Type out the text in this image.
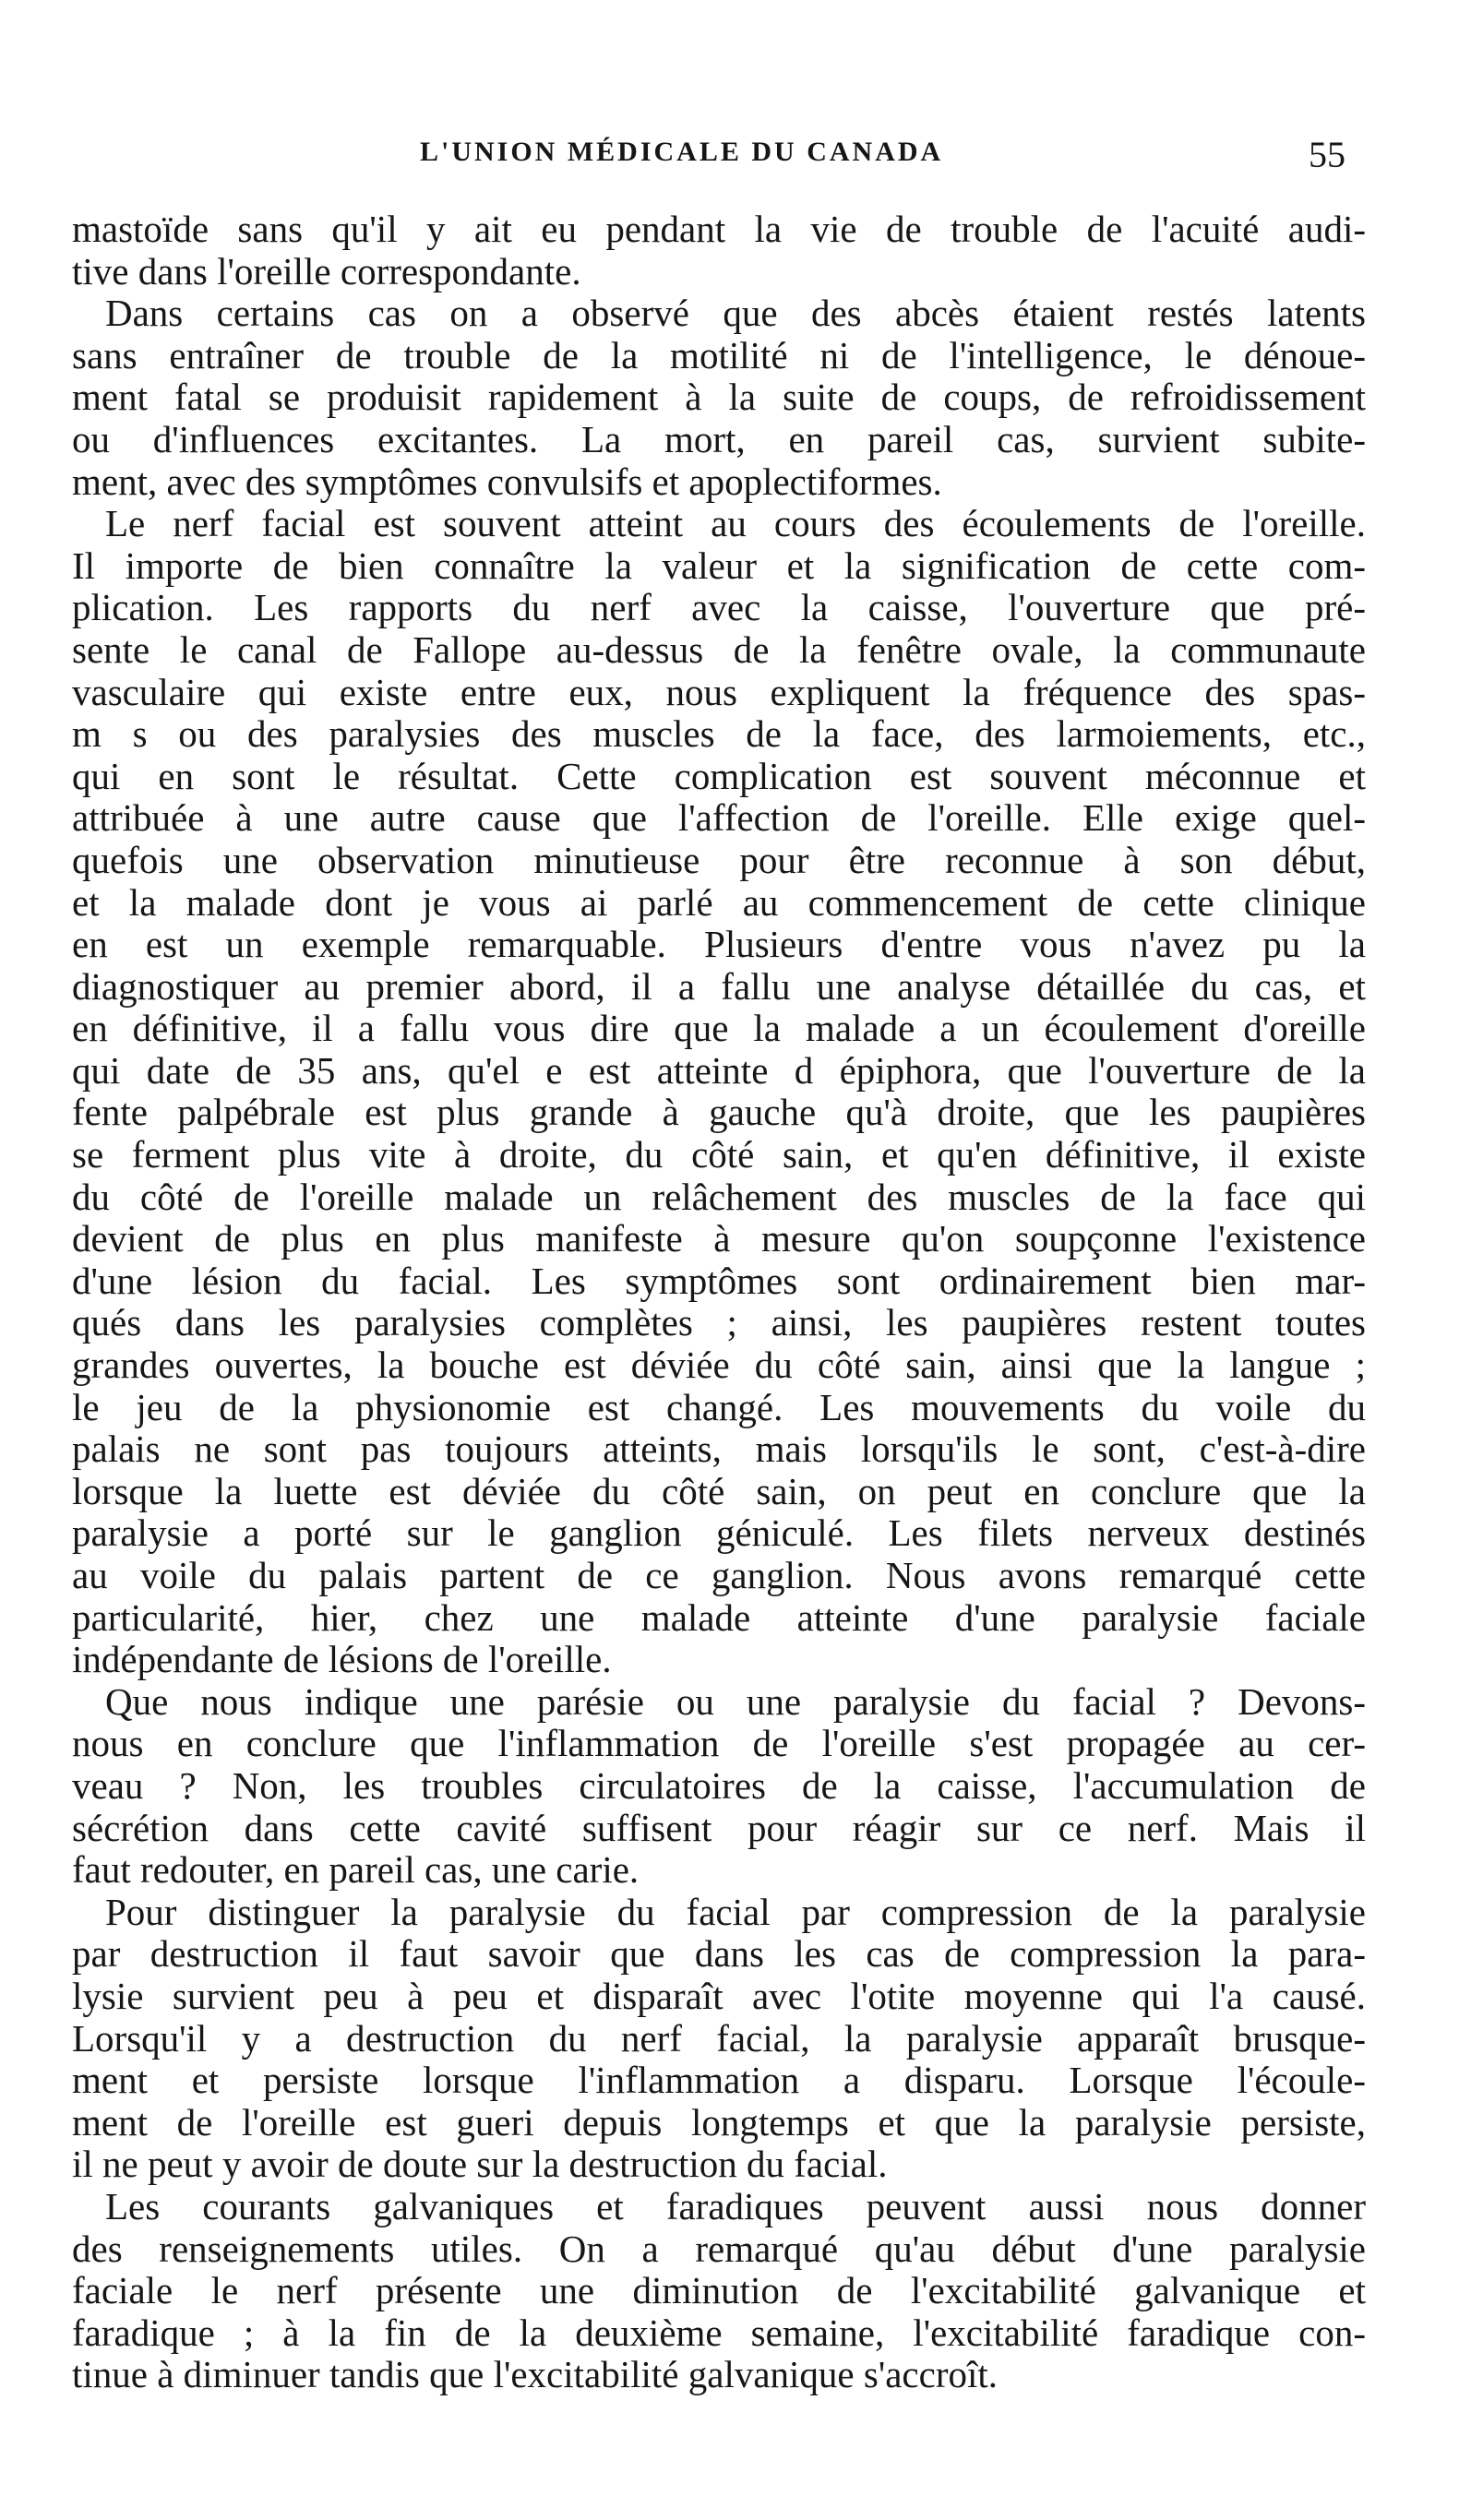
L'UNION MÉDICALE DU CANADA	55
mastoïde sans qu'il y ait eu pendant la vie de trouble de l'acuité audi-
tive dans l'oreille correspondante.
Dans certains cas on a observé que des abcès étaient restés latents
sans entraîner de trouble de la motilité ni de l'intelligence, le dénoue-
ment fatal se produisit rapidement à la suite de coups, de refroidissement
ou d'influences excitantes. La mort, en pareil cas, survient subite-
ment, avec des symptômes convulsifs et apoplectiformes.
Le nerf facial est souvent atteint au cours des écoulements de l'oreille.
Il importe de bien connaître la valeur et la signification de cette com-
plication. Les rapports du nerf avec la caisse, l'ouverture que pré-
sente le canal de Fallope au-dessus de la fenêtre ovale, la communaute
vasculaire qui existe entre eux, nous expliquent la fréquence des spas-
m s ou des paralysies des muscles de la face, des larmoiements, etc.,
qui en sont le résultat. Cette complication est souvent méconnue et
attribuée à une autre cause que l'affection de l'oreille. Elle exige quel-
quefois une observation minutieuse pour être reconnue à son début,
et la malade dont je vous ai parlé au commencement de cette clinique
en est un exemple remarquable. Plusieurs d'entre vous n'avez pu la
diagnostiquer au premier abord, il a fallu une analyse détaillée du cas, et
en définitive, il a fallu vous dire que la malade a un écoulement d'oreille
qui date de 35 ans, qu'el e est atteinte d épiphora, que l'ouverture de la
fente palpébrale est plus grande à gauche qu'à droite, que les paupières
se ferment plus vite à droite, du côté sain, et qu'en définitive, il existe
du côté de l'oreille malade un relâchement des muscles de la face qui
devient de plus en plus manifeste à mesure qu'on soupçonne l'existence
d'une lésion du facial. Les symptômes sont ordinairement bien mar-
qués dans les paralysies complètes ; ainsi, les paupières restent toutes
grandes ouvertes, la bouche est déviée du côté sain, ainsi que la langue ;
le jeu de la physionomie est changé. Les mouvements du voile du
palais ne sont pas toujours atteints, mais lorsqu'ils le sont, c'est-à-dire
lorsque la luette est déviée du côté sain, on peut en conclure que la
paralysie a porté sur le ganglion géniculé. Les filets nerveux destinés
au voile du palais partent de ce ganglion. Nous avons remarqué cette
particularité, hier, chez une malade atteinte d'une paralysie faciale
indépendante de lésions de l'oreille.
Que nous indique une parésie ou une paralysie du facial ? Devons-
nous en conclure que l'inflammation de l'oreille s'est propagée au cer-
veau ? Non, les troubles circulatoires de la caisse, l'accumulation de
sécrétion dans cette cavité suffisent pour réagir sur ce nerf. Mais il
faut redouter, en pareil cas, une carie.
Pour distinguer la paralysie du facial par compression de la paralysie
par destruction il faut savoir que dans les cas de compression la para-
lysie survient peu à peu et disparaît avec l'otite moyenne qui l'a causé.
Lorsqu'il y a destruction du nerf facial, la paralysie apparaît brusque-
ment et persiste lorsque l'inflammation a disparu. Lorsque l'écoule-
ment de l'oreille est gueri depuis longtemps et que la paralysie persiste,
il ne peut y avoir de doute sur la destruction du facial.
Les courants galvaniques et faradiques peuvent aussi nous donner
des renseignements utiles. On a remarqué qu'au début d'une paralysie
faciale le nerf présente une diminution de l'excitabilité galvanique et
faradique ; à la fin de la deuxième semaine, l'excitabilité faradique con-
tinue à diminuer tandis que l'excitabilité galvanique s'accroît.
